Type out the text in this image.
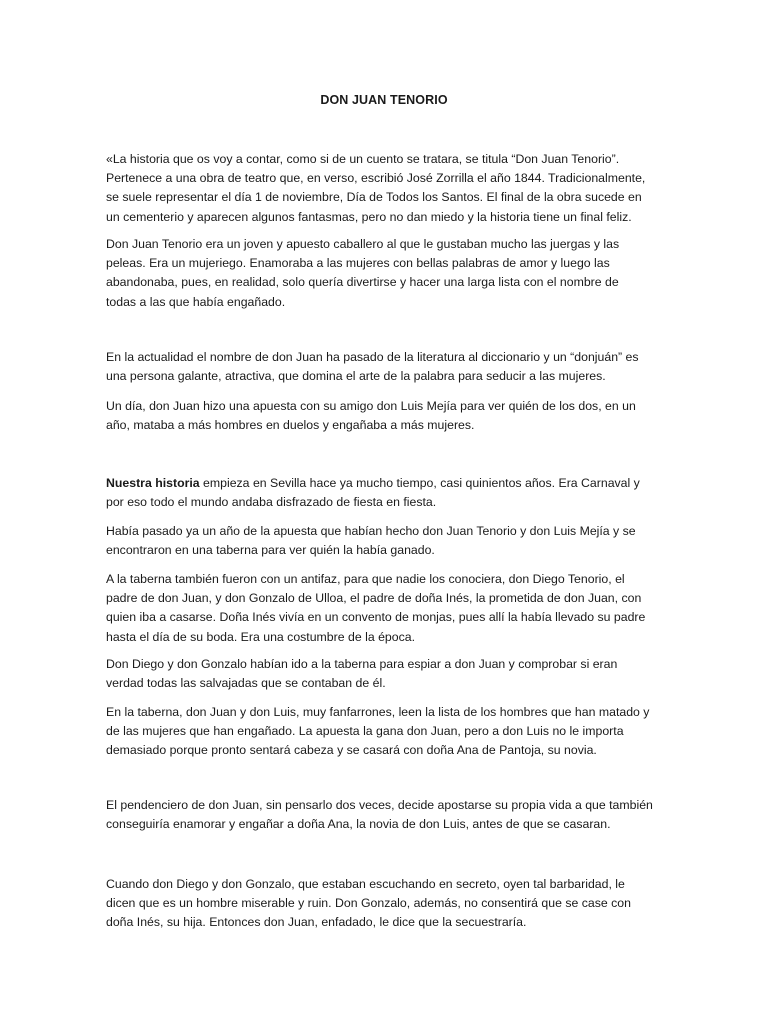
DON JUAN TENORIO
«La historia que os voy a contar, como si de un cuento se tratara, se titula “Don Juan Tenorio”.
Pertenece a una obra de teatro que, en verso, escribió José Zorrilla el año 1844. Tradicionalmente,
se suele representar el día 1 de noviembre, Día de Todos los Santos. El final de la obra sucede en
un cementerio y aparecen algunos fantasmas, pero no dan miedo y la historia tiene un final feliz.
Don Juan Tenorio era un joven y apuesto caballero al que le gustaban mucho las juergas y las
peleas. Era un mujeriego. Enamoraba a las mujeres con bellas palabras de amor y luego las
abandonaba, pues, en realidad, solo quería divertirse y hacer una larga lista con el nombre de
todas a las que había engañado.
En la actualidad el nombre de don Juan ha pasado de la literatura al diccionario y un “donjuán” es
una persona galante, atractiva, que domina el arte de la palabra para seducir a las mujeres.
Un día, don Juan hizo una apuesta con su amigo don Luis Mejía para ver quién de los dos, en un
año, mataba a más hombres en duelos y engañaba a más mujeres.
Nuestra historia empieza en Sevilla hace ya mucho tiempo, casi quinientos años. Era Carnaval y
por eso todo el mundo andaba disfrazado de fiesta en fiesta.
Había pasado ya un año de la apuesta que habían hecho don Juan Tenorio y don Luis Mejía y se
encontraron en una taberna para ver quién la había ganado.
A la taberna también fueron con un antifaz, para que nadie los conociera, don Diego Tenorio, el
padre de don Juan, y don Gonzalo de Ulloa, el padre de doña Inés, la prometida de don Juan, con
quien iba a casarse. Doña Inés vivía en un convento de monjas, pues allí la había llevado su padre
hasta el día de su boda. Era una costumbre de la época.
Don Diego y don Gonzalo habían ido a la taberna para espiar a don Juan y comprobar si eran
verdad todas las salvajadas que se contaban de él.
En la taberna, don Juan y don Luis, muy fanfarrones, leen la lista de los hombres que han matado y
de las mujeres que han engañado. La apuesta la gana don Juan, pero a don Luis no le importa
demasiado porque pronto sentará cabeza y se casará con doña Ana de Pantoja, su novia.
El pendenciero de don Juan, sin pensarlo dos veces, decide apostarse su propia vida a que también
conseguiría enamorar y engañar a doña Ana, la novia de don Luis, antes de que se casaran.
Cuando don Diego y don Gonzalo, que estaban escuchando en secreto, oyen tal barbaridad, le
dicen que es un hombre miserable y ruin. Don Gonzalo, además, no consentirá que se case con
doña Inés, su hija. Entonces don Juan, enfadado, le dice que la secuestraría.
